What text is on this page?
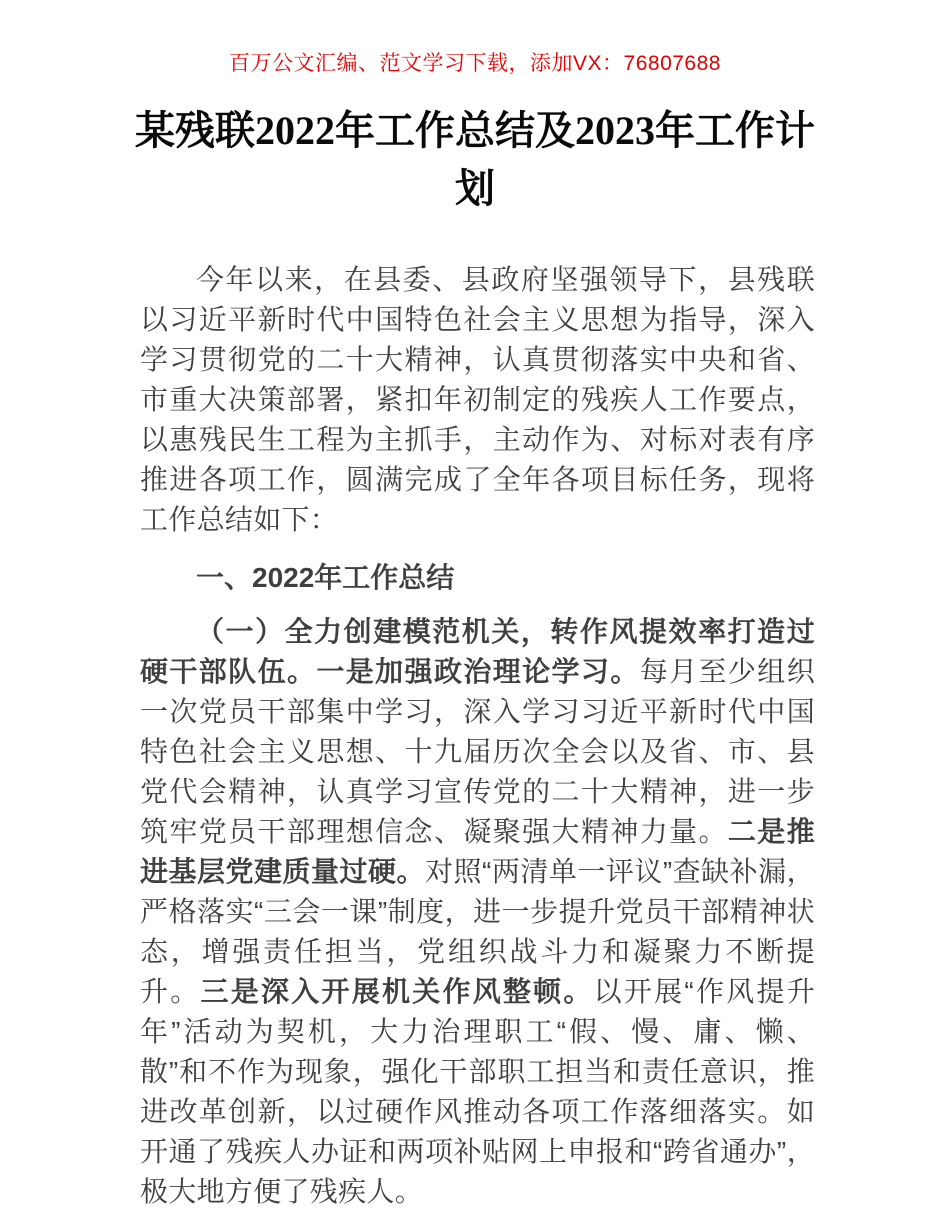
百万公文汇编、范文学习下载，添加VX：76807688
某残联2022年工作总结及2023年工作计划

今年以来，在县委、县政府坚强领导下，县残联以习近平新时代中国特色社会主义思想为指导，深入学习贯彻党的二十大精神，认真贯彻落实中央和省、市重大决策部署，紧扣年初制定的残疾人工作要点，以惠残民生工程为主抓手，主动作为、对标对表有序推进各项工作，圆满完成了全年各项目标任务，现将工作总结如下：

一、2022年工作总结

（一）全力创建模范机关，转作风提效率打造过硬干部队伍。一是加强政治理论学习。每月至少组织一次党员干部集中学习，深入学习习近平新时代中国特色社会主义思想、十九届历次全会以及省、市、县党代会精神，认真学习宣传党的二十大精神，进一步筑牢党员干部理想信念、凝聚强大精神力量。二是推进基层党建质量过硬。对照“两清单一评议”查缺补漏，严格落实“三会一课”制度，进一步提升党员干部精神状态，增强责任担当，党组织战斗力和凝聚力不断提升。三是深入开展机关作风整顿。以开展“作风提升年”活动为契机，大力治理职工“假、慢、庸、懒、散”和不作为现象，强化干部职工担当和责任意识，推进改革创新，以过硬作风推动各项工作落细落实。如开通了残疾人办证和两项补贴网上申报和“跨省通办”，极大地方便了残疾人。
